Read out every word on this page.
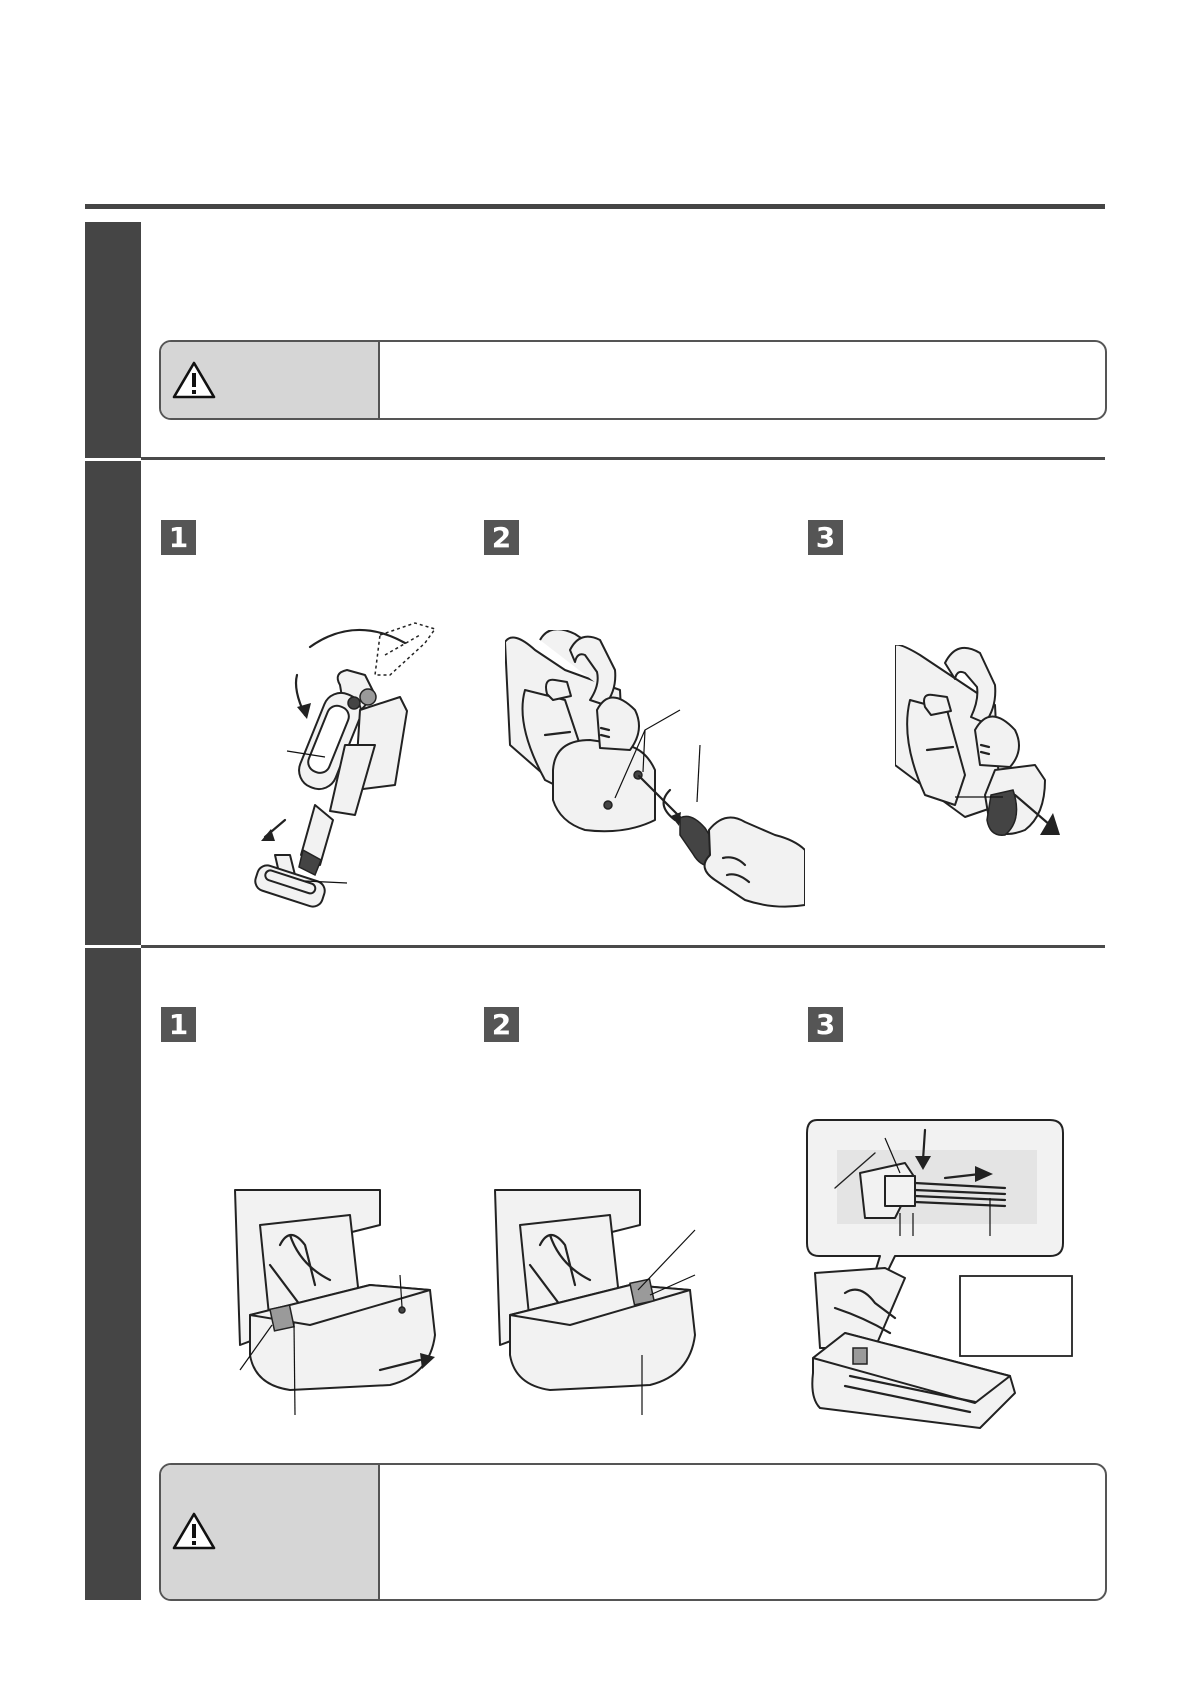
1	2	3
1	2	3
